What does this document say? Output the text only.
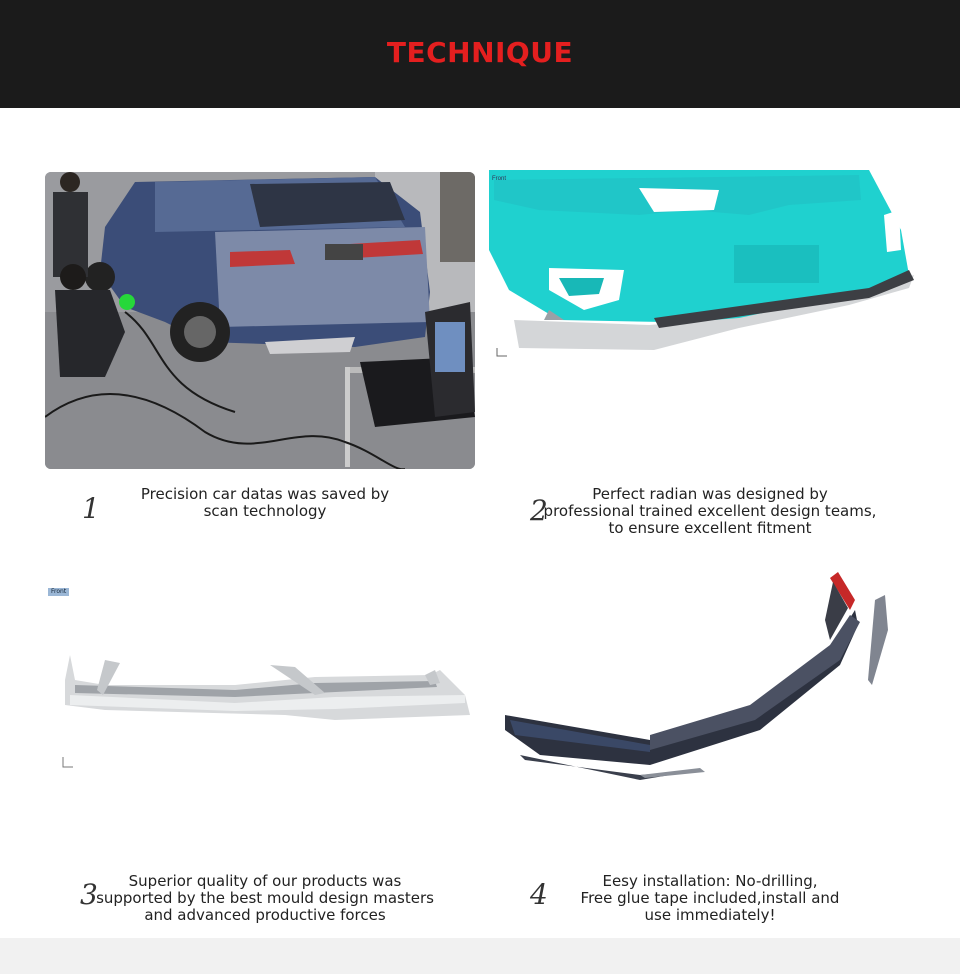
TECHNIQUE
Front
1	Precision car datas was saved by
scan technology	2	Perfect radian was designed by
professional trained excellent design teams,
to ensure excellent fitment
Front
3	Superior quality of our products was
supported by the best mould design masters
and advanced productive forces
4	Eesy installation: No-drilling,
Free glue tape included,install and
use immediately!
